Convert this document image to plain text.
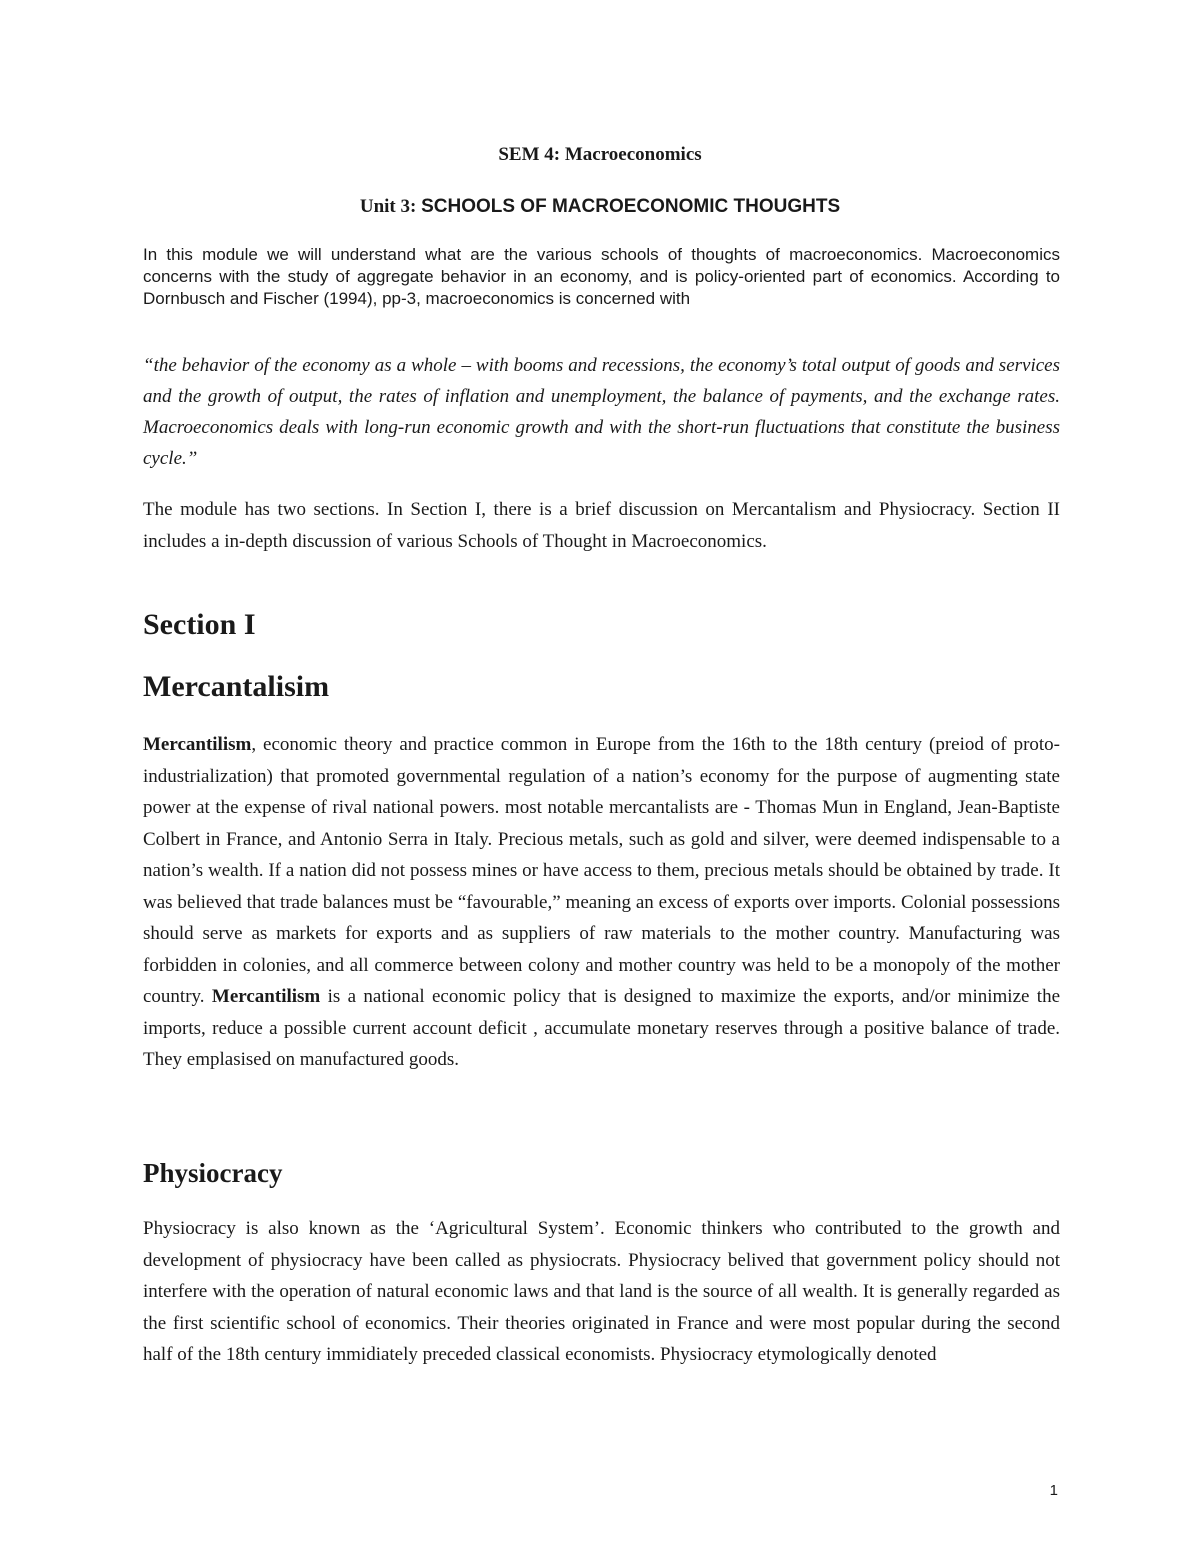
SEM 4: Macroeconomics
Unit 3: SCHOOLS OF MACROECONOMIC THOUGHTS

In this module we will understand what are the various schools of thoughts of macroeconomics. Macroeconomics concerns with the study of aggregate behavior in an economy, and is policy-oriented part of economics. According to Dornbusch and Fischer (1994), pp-3, macroeconomics is concerned with

“the behavior of the economy as a whole – with booms and recessions, the economy’s total output of goods and services and the growth of output, the rates of inflation and unemployment, the balance of payments, and the exchange rates. Macroeconomics deals with long-run economic growth and with the short-run fluctuations that constitute the business cycle.”

The module has two sections. In Section I, there is a brief discussion on Mercantalism and Physiocracy. Section II includes a in-depth discussion of various Schools of Thought in Macroeconomics.

Section I
Mercantalisim

Mercantilism, economic theory and practice common in Europe from the 16th to the 18th century (preiod of proto-industrialization) that promoted governmental regulation of a nation’s economy for the purpose of augmenting state power at the expense of rival national powers. most notable mercantalists are - Thomas Mun in England, Jean-Baptiste Colbert in France, and Antonio Serra in Italy. Precious metals, such as gold and silver, were deemed indispensable to a nation’s wealth. If a nation did not possess mines or have access to them, precious metals should be obtained by trade. It was believed that trade balances must be “favourable,” meaning an excess of exports over imports. Colonial possessions should serve as markets for exports and as suppliers of raw materials to the mother country. Manufacturing was forbidden in colonies, and all commerce between colony and mother country was held to be a monopoly of the mother country. Mercantilism is a national economic policy that is designed to maximize the exports, and/or minimize the imports, reduce a possible current account deficit , accumulate monetary reserves through a positive balance of trade. They emplasised on manufactured goods.

Physiocracy

Physiocracy is also known as the ‘Agricultural System’. Economic thinkers who contributed to the growth and development of physiocracy have been called as physiocrats. Physiocracy belived that government policy should not interfere with the operation of natural economic laws and that land is the source of all wealth. It is generally regarded as the first scientific school of economics. Their theories originated in France and were most popular during the second half of the 18th century immidiately preceded classical economists. Physiocracy etymologically denoted

1
